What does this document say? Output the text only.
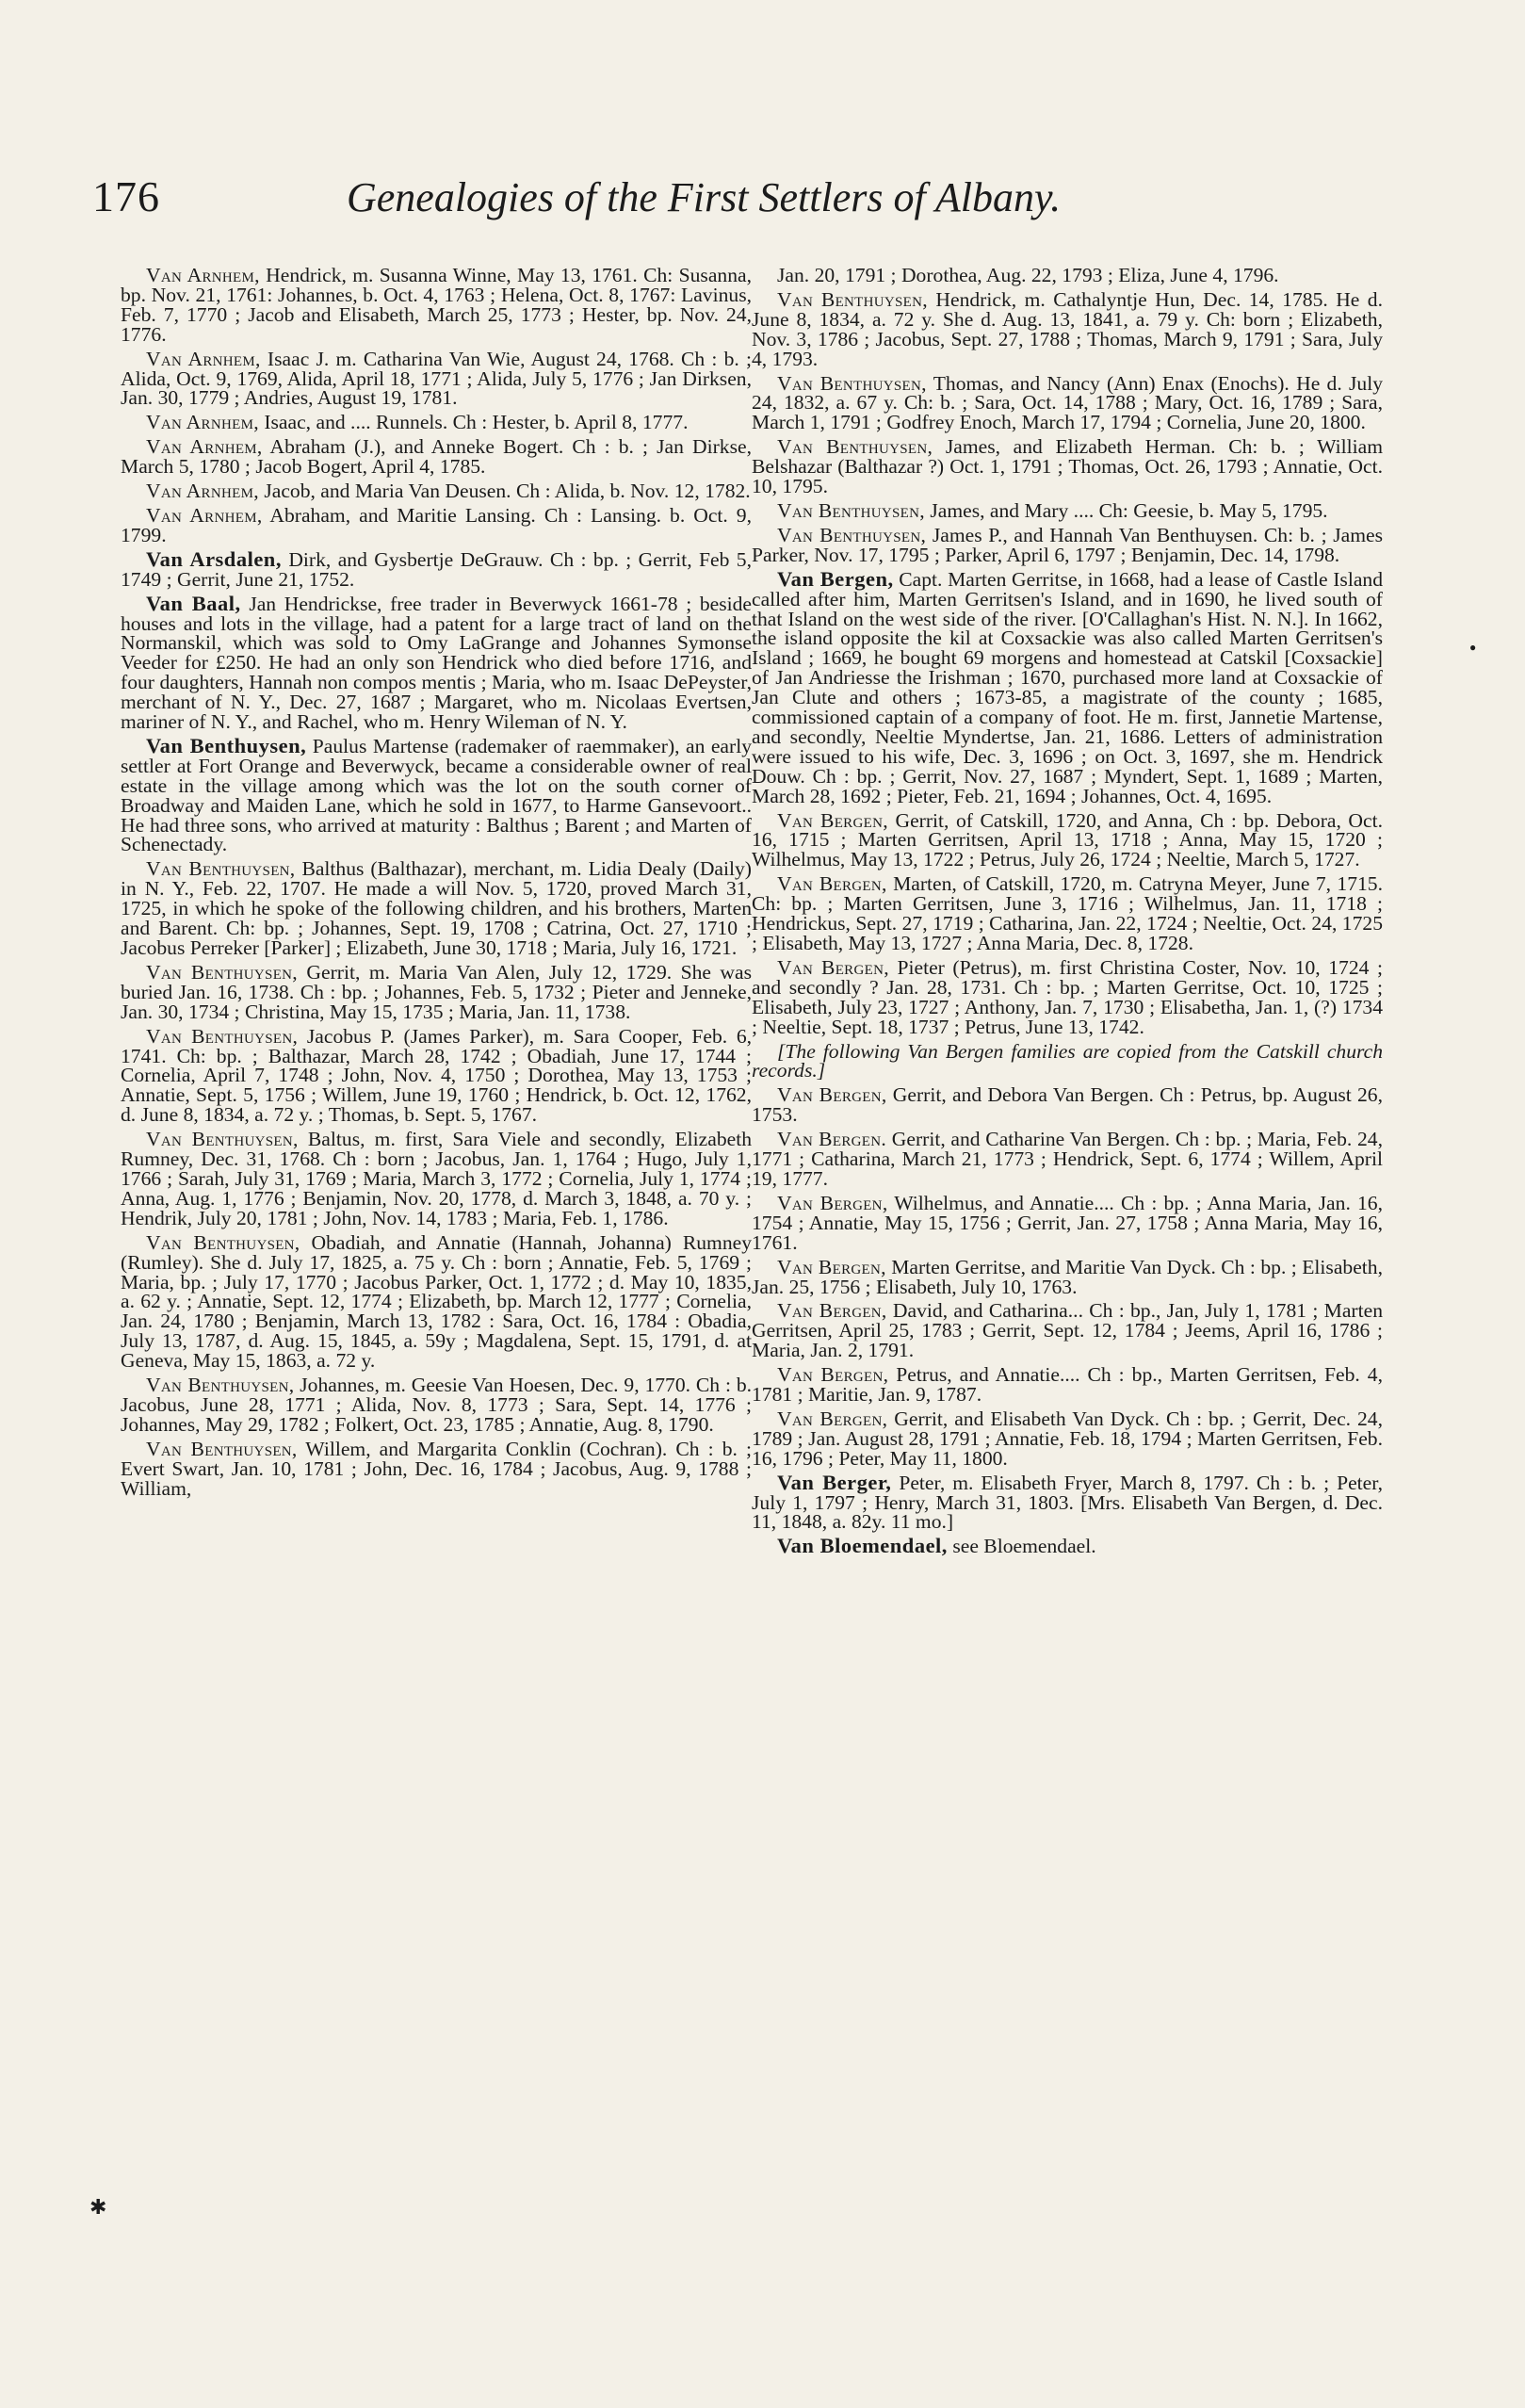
176	Genealogies of the First Settlers of Albany.

Van Arnhem, Hendrick, m. Susanna Winne, May 13, 1761. Ch: Susanna, bp. Nov. 21, 1761: Johannes, b. Oct. 4, 1763 ; Helena, Oct. 8, 1767: Lavinus, Feb. 7, 1770 ; Jacob and Elisabeth, March 25, 1773 ; Hester, bp. Nov. 24, 1776.

Van Arnhem, Isaac J. m. Catharina Van Wie, August 24, 1768. Ch : b. ; Alida, Oct. 9, 1769, Alida, April 18, 1771 ; Alida, July 5, 1776 ; Jan Dirksen, Jan. 30, 1779 ; Andries, August 19, 1781.

Van Arnhem, Isaac, and .... Runnels. Ch : Hester, b. April 8, 1777.

Van Arnhem, Abraham (J.), and Anneke Bogert. Ch : b. ; Jan Dirkse, March 5, 1780 ; Jacob Bogert, April 4, 1785.

Van Arnhem, Jacob, and Maria Van Deusen. Ch : Alida, b. Nov. 12, 1782.

Van Arnhem, Abraham, and Maritie Lansing. Ch : Lansing. b. Oct. 9, 1799.

Van Arsdalen, Dirk, and Gysbertje DeGrauw. Ch : bp. ; Gerrit, Feb 5, 1749 ; Gerrit, June 21, 1752.

Van Baal, Jan Hendrickse, free trader in Beverwyck 1661-78 ; beside houses and lots in the village, had a patent for a large tract of land on the Normanskil, which was sold to Omy LaGrange and Johannes Symonse Veeder for £250. He had an only son Hendrick who died before 1716, and four daughters, Hannah non compos mentis ; Maria, who m. Isaac DePeyster, merchant of N. Y., Dec. 27, 1687 ; Margaret, who m. Nicolaas Evertsen, mariner of N. Y., and Rachel, who m. Henry Wileman of N. Y.

Van Benthuysen, Paulus Martense (rademaker of raemmaker), an early settler at Fort Orange and Beverwyck, became a considerable owner of real estate in the village among which was the lot on the south corner of Broadway and Maiden Lane, which he sold in 1677, to Harme Gansevoort.. He had three sons, who arrived at maturity : Balthus ; Barent ; and Marten of Schenectady.

Van Benthuysen, Balthus (Balthazar), merchant, m. Lidia Dealy (Daily) in N. Y., Feb. 22, 1707. He made a will Nov. 5, 1720, proved March 31, 1725, in which he spoke of the following children, and his brothers, Marten and Barent. Ch: bp. ; Johannes, Sept. 19, 1708 ; Catrina, Oct. 27, 1710 ; Jacobus Perreker [Parker] ; Elizabeth, June 30, 1718 ; Maria, July 16, 1721.

Van Benthuysen, Gerrit, m. Maria Van Alen, July 12, 1729. She was buried Jan. 16, 1738. Ch : bp. ; Johannes, Feb. 5, 1732 ; Pieter and Jenneke, Jan. 30, 1734 ; Christina, May 15, 1735 ; Maria, Jan. 11, 1738.

Van Benthuysen, Jacobus P. (James Parker), m. Sara Cooper, Feb. 6, 1741. Ch: bp. ; Balthazar, March 28, 1742 ; Obadiah, June 17, 1744 ; Cornelia, April 7, 1748 ; John, Nov. 4, 1750 ; Dorothea, May 13, 1753 ; Annatie, Sept. 5, 1756 ; Willem, June 19, 1760 ; Hendrick, b. Oct. 12, 1762, d. June 8, 1834, a. 72 y. ; Thomas, b. Sept. 5, 1767.

Van Benthuysen, Baltus, m. first, Sara Viele and secondly, Elizabeth Rumney, Dec. 31, 1768. Ch : born ; Jacobus, Jan. 1, 1764 ; Hugo, July 1, 1766 ; Sarah, July 31, 1769 ; Maria, March 3, 1772 ; Cornelia, July 1, 1774 ; Anna, Aug. 1, 1776 ; Benjamin, Nov. 20, 1778, d. March 3, 1848, a. 70 y. ; Hendrik, July 20, 1781 ; John, Nov. 14, 1783 ; Maria, Feb. 1, 1786.

Van Benthuysen, Obadiah, and Annatie (Hannah, Johanna) Rumney (Rumley). She d. July 17, 1825, a. 75 y. Ch : born ; Annatie, Feb. 5, 1769 ; Maria, bp. ; July 17, 1770 ; Jacobus Parker, Oct. 1, 1772 ; d. May 10, 1835, a. 62 y. ; Annatie, Sept. 12, 1774 ; Elizabeth, bp. March 12, 1777 ; Cornelia, Jan. 24, 1780 ; Benjamin, March 13, 1782 : Sara, Oct. 16, 1784 : Obadia, July 13, 1787, d. Aug. 15, 1845, a. 59y ; Magdalena, Sept. 15, 1791, d. at Geneva, May 15, 1863, a. 72 y.

Van Benthuysen, Johannes, m. Geesie Van Hoesen, Dec. 9, 1770. Ch : b. Jacobus, June 28, 1771 ; Alida, Nov. 8, 1773 ; Sara, Sept. 14, 1776 ; Johannes, May 29, 1782 ; Folkert, Oct. 23, 1785 ; Annatie, Aug. 8, 1790.

Van Benthuysen, Willem, and Margarita Conklin (Cochran). Ch : b. ; Evert Swart, Jan. 10, 1781 ; John, Dec. 16, 1784 ; Jacobus, Aug. 9, 1788 ; William,

Jan. 20, 1791 ; Dorothea, Aug. 22, 1793 ; Eliza, June 4, 1796.

Van Benthuysen, Hendrick, m. Cathalyntje Hun, Dec. 14, 1785. He d. June 8, 1834, a. 72 y. She d. Aug. 13, 1841, a. 79 y. Ch: born ; Elizabeth, Nov. 3, 1786 ; Jacobus, Sept. 27, 1788 ; Thomas, March 9, 1791 ; Sara, July 4, 1793.

Van Benthuysen, Thomas, and Nancy (Ann) Enax (Enochs). He d. July 24, 1832, a. 67 y. Ch: b. ; Sara, Oct. 14, 1788 ; Mary, Oct. 16, 1789 ; Sara, March 1, 1791 ; Godfrey Enoch, March 17, 1794 ; Cornelia, June 20, 1800.

Van Benthuysen, James, and Elizabeth Herman. Ch: b. ; William Belshazar (Balthazar ?) Oct. 1, 1791 ; Thomas, Oct. 26, 1793 ; Annatie, Oct. 10, 1795.

Van Benthuysen, James, and Mary .... Ch: Geesie, b. May 5, 1795.

Van Benthuysen, James P., and Hannah Van Benthuysen. Ch: b. ; James Parker, Nov. 17, 1795 ; Parker, April 6, 1797 ; Benjamin, Dec. 14, 1798.

Van Bergen, Capt. Marten Gerritse, in 1668, had a lease of Castle Island called after him, Marten Gerritsen's Island, and in 1690, he lived south of that Island on the west side of the river. [O'Callaghan's Hist. N. N.]. In 1662, the island opposite the kil at Coxsackie was also called Marten Gerritsen's Island ; 1669, he bought 69 morgens and homestead at Catskil [Coxsackie] of Jan Andriesse the Irishman ; 1670, purchased more land at Coxsackie of Jan Clute and others ; 1673-85, a magistrate of the county ; 1685, commissioned captain of a company of foot. He m. first, Jannetie Martense, and secondly, Neeltie Myndertse, Jan. 21, 1686. Letters of administration were issued to his wife, Dec. 3, 1696 ; on Oct. 3, 1697, she m. Hendrick Douw. Ch : bp. ; Gerrit, Nov. 27, 1687 ; Myndert, Sept. 1, 1689 ; Marten, March 28, 1692 ; Pieter, Feb. 21, 1694 ; Johannes, Oct. 4, 1695.

Van Bergen, Gerrit, of Catskill, 1720, and Anna, Ch : bp. Debora, Oct. 16, 1715 ; Marten Gerritsen, April 13, 1718 ; Anna, May 15, 1720 ; Wilhelmus, May 13, 1722 ; Petrus, July 26, 1724 ; Neeltie, March 5, 1727.

Van Bergen, Marten, of Catskill, 1720, m. Catryna Meyer, June 7, 1715. Ch: bp. ; Marten Gerritsen, June 3, 1716 ; Wilhelmus, Jan. 11, 1718 ; Hendrickus, Sept. 27, 1719 ; Catharina, Jan. 22, 1724 ; Neeltie, Oct. 24, 1725 ; Elisabeth, May 13, 1727 ; Anna Maria, Dec. 8, 1728.

Van Bergen, Pieter (Petrus), m. first Christina Coster, Nov. 10, 1724 ; and secondly ? Jan. 28, 1731. Ch : bp. ; Marten Gerritse, Oct. 10, 1725 ; Elisabeth, July 23, 1727 ; Anthony, Jan. 7, 1730 ; Elisabetha, Jan. 1, (?) 1734 ; Neeltie, Sept. 18, 1737 ; Petrus, June 13, 1742.

[The following Van Bergen families are copied from the Catskill church records.]

Van Bergen, Gerrit, and Debora Van Bergen. Ch : Petrus, bp. August 26, 1753.

Van Bergen. Gerrit, and Catharine Van Bergen. Ch : bp. ; Maria, Feb. 24, 1771 ; Catharina, March 21, 1773 ; Hendrick, Sept. 6, 1774 ; Willem, April 19, 1777.

Van Bergen, Wilhelmus, and Annatie.... Ch : bp. ; Anna Maria, Jan. 16, 1754 ; Annatie, May 15, 1756 ; Gerrit, Jan. 27, 1758 ; Anna Maria, May 16, 1761.

Van Bergen, Marten Gerritse, and Maritie Van Dyck. Ch : bp. ; Elisabeth, Jan. 25, 1756 ; Elisabeth, July 10, 1763.

Van Bergen, David, and Catharina... Ch : bp., Jan, July 1, 1781 ; Marten Gerritsen, April 25, 1783 ; Gerrit, Sept. 12, 1784 ; Jeems, April 16, 1786 ; Maria, Jan. 2, 1791.

Van Bergen, Petrus, and Annatie.... Ch : bp., Marten Gerritsen, Feb. 4, 1781 ; Maritie, Jan. 9, 1787.

Van Bergen, Gerrit, and Elisabeth Van Dyck. Ch : bp. ; Gerrit, Dec. 24, 1789 ; Jan. August 28, 1791 ; Annatie, Feb. 18, 1794 ; Marten Gerritsen, Feb. 16, 1796 ; Peter, May 11, 1800.

Van Berger, Peter, m. Elisabeth Fryer, March 8, 1797. Ch : b. ; Peter, July 1, 1797 ; Henry, March 31, 1803. [Mrs. Elisabeth Van Bergen, d. Dec. 11, 1848, a. 82y. 11 mo.]

Van Bloemendael, see Bloemendael.

✱
●
